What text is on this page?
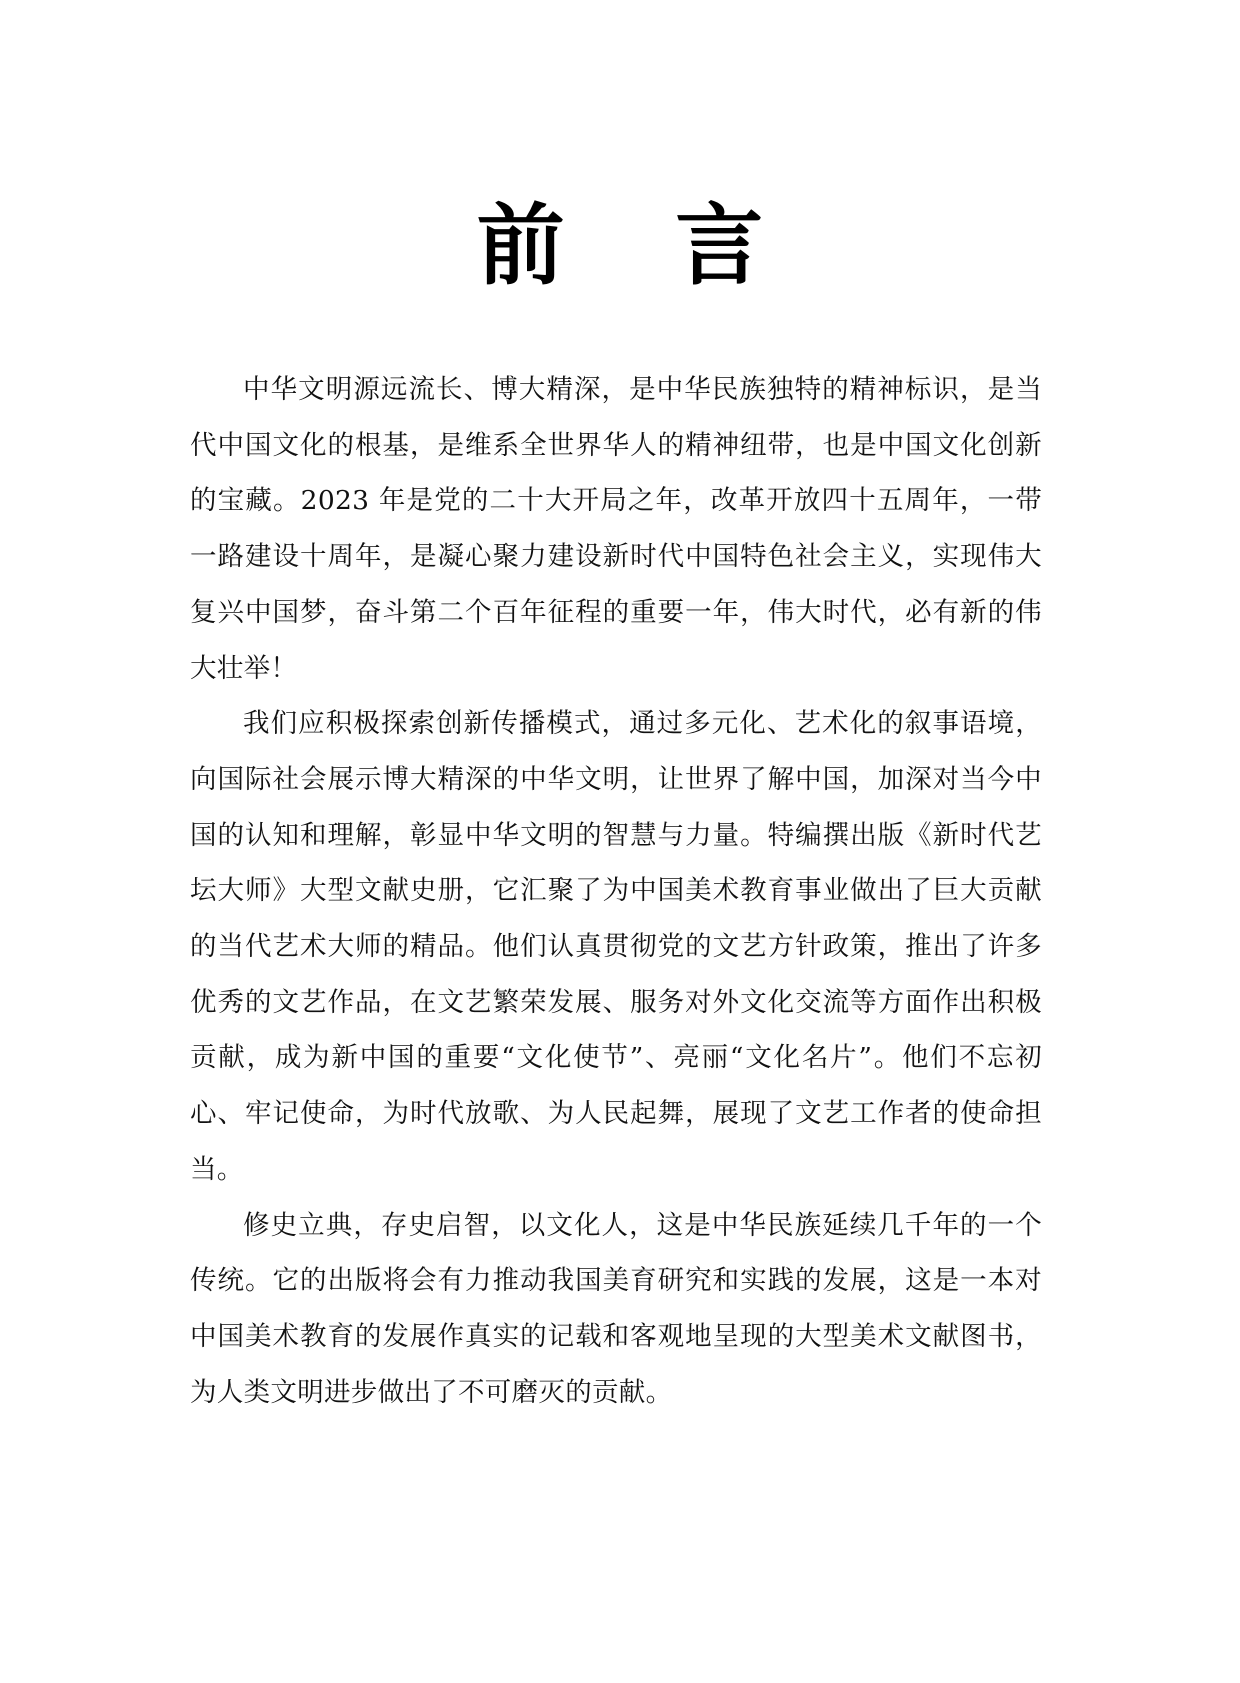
前 言

中华文明源远流长、博大精深，是中华民族独特的精神标识，是当代中国文化的根基，是维系全世界华人的精神纽带，也是中国文化创新的宝藏。2023 年是党的二十大开局之年，改革开放四十五周年，一带一路建设十周年，是凝心聚力建设新时代中国特色社会主义，实现伟大复兴中国梦，奋斗第二个百年征程的重要一年，伟大时代，必有新的伟大壮举！

我们应积极探索创新传播模式，通过多元化、艺术化的叙事语境，向国际社会展示博大精深的中华文明，让世界了解中国，加深对当今中国的认知和理解，彰显中华文明的智慧与力量。特编撰出版《新时代艺坛大师》大型文献史册，它汇聚了为中国美术教育事业做出了巨大贡献的当代艺术大师的精品。他们认真贯彻党的文艺方针政策，推出了许多优秀的文艺作品，在文艺繁荣发展、服务对外文化交流等方面作出积极贡献，成为新中国的重要“文化使节”、亮丽“文化名片”。他们不忘初心、牢记使命，为时代放歌、为人民起舞，展现了文艺工作者的使命担当。

修史立典，存史启智，以文化人，这是中华民族延续几千年的一个传统。它的出版将会有力推动我国美育研究和实践的发展，这是一本对中国美术教育的发展作真实的记载和客观地呈现的大型美术文献图书，为人类文明进步做出了不可磨灭的贡献。
